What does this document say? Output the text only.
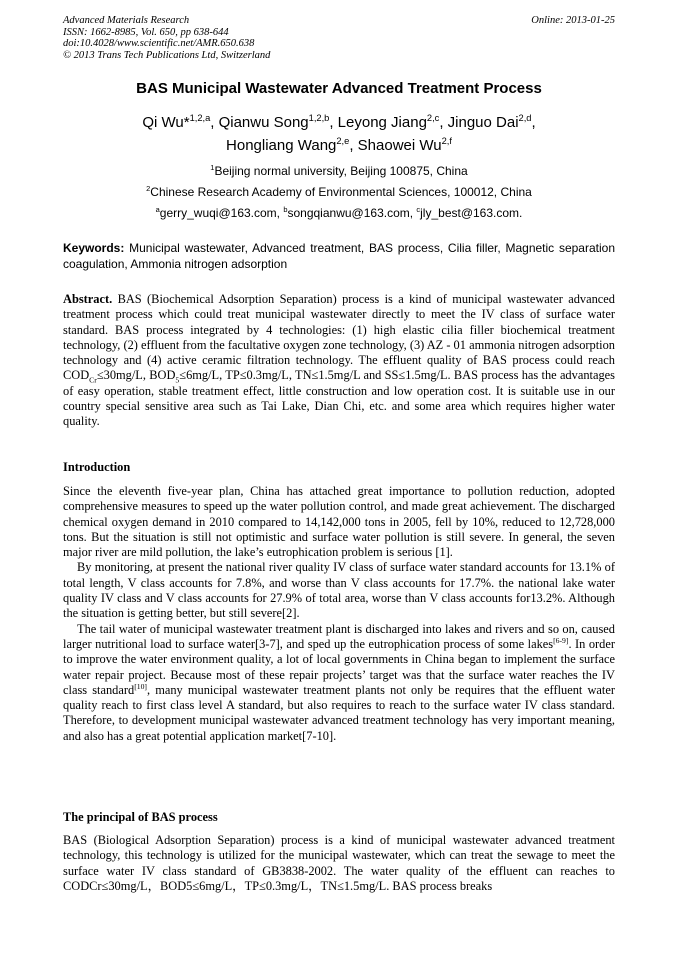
Advanced Materials Research
ISSN: 1662-8985, Vol. 650, pp 638-644
doi:10.4028/www.scientific.net/AMR.650.638
© 2013 Trans Tech Publications Ltd, Switzerland
Online: 2013-01-25
BAS Municipal Wastewater Advanced Treatment Process
Qi Wu*$^{1,2,a}$, Qianwu Song$^{1,2,b}$, Leyong Jiang$^{2,c}$, Jinguo Dai$^{2,d}$,
Hongliang Wang$^{2,e}$, Shaowei Wu$^{2,f}$
$^1$Beijing normal university, Beijing 100875, China
$^2$Chinese Research Academy of Environmental Sciences, 100012, China
$^a$gerry_wuqi@163.com, $^b$songqianwu@163.com, $^c$jly_best@163.com.
Keywords: Municipal wastewater, Advanced treatment, BAS process, Cilia filler, Magnetic separation coagulation, Ammonia nitrogen adsorption

Abstract. BAS (Biochemical Adsorption Separation) process is a kind of municipal wastewater advanced treatment process which could treat municipal wastewater directly to meet the IV class of surface water standard. BAS process integrated by 4 technologies: (1) high elastic cilia filler biochemical treatment technology, (2) effluent from the facultative oxygen zone technology, (3) AZ - 01 ammonia nitrogen adsorption technology and (4) active ceramic filtration technology. The effluent quality of BAS process could reach $COD_{Cr}\le 30mg/L$, $BOD_5\le 6mg/L$, TP≤0.3mg/L, TN≤1.5mg/L and SS≤1.5mg/L. BAS process has the advantages of easy operation, stable treatment effect, little construction and low operation cost. It is suitable use in our country special sensitive area such as Tai Lake, Dian Chi, etc. and some area which requires higher water quality.

Introduction

Since the eleventh five-year plan, China has attached great importance to pollution reduction, adopted comprehensive measures to speed up the water pollution control, and made great achievement. The discharged chemical oxygen demand in 2010 compared to 14,142,000 tons in 2005, fell by 10%, reduced to 12,728,000 tons. But the situation is still not optimistic and surface water pollution is still severe. In general, the seven major river are mild pollution, the lake’s eutrophication problem is serious [1].

By monitoring, at present the national river quality IV class of surface water standard accounts for 13.1% of total length, V class accounts for 7.8%, and worse than V class accounts for 17.7%. the national lake water quality IV class and V class accounts for 27.9% of total area, worse than V class accounts for13.2%. Although the situation is getting better, but still severe[2].

The tail water of municipal wastewater treatment plant is discharged into lakes and rivers and so on, caused larger nutritional load to surface water[3-7], and sped up the eutrophication process of some lakes[6-9]. In order to improve the water environment quality, a lot of local governments in China began to implement the surface water repair project. Because most of these repair projects’ target was that the surface water reaches the IV class standard[10], many municipal wastewater treatment plants not only be requires that the effluent water quality reach to first class level A standard, but also requires to reach to the surface water IV class standard. Therefore, to development municipal wastewater advanced treatment technology has very important meaning, and also has a great potential application market[7-10].

The principal of BAS process

BAS (Biological Adsorption Separation) process is a kind of municipal wastewater advanced treatment technology, this technology is utilized for the municipal wastewater, which can treat the sewage to meet the surface water IV class standard of GB3838-2002. The water quality of the effluent can reaches to CODCr≤30mg/L，BOD5≤6mg/L，TP≤0.3mg/L，TN≤1.5mg/L. BAS process breaks
